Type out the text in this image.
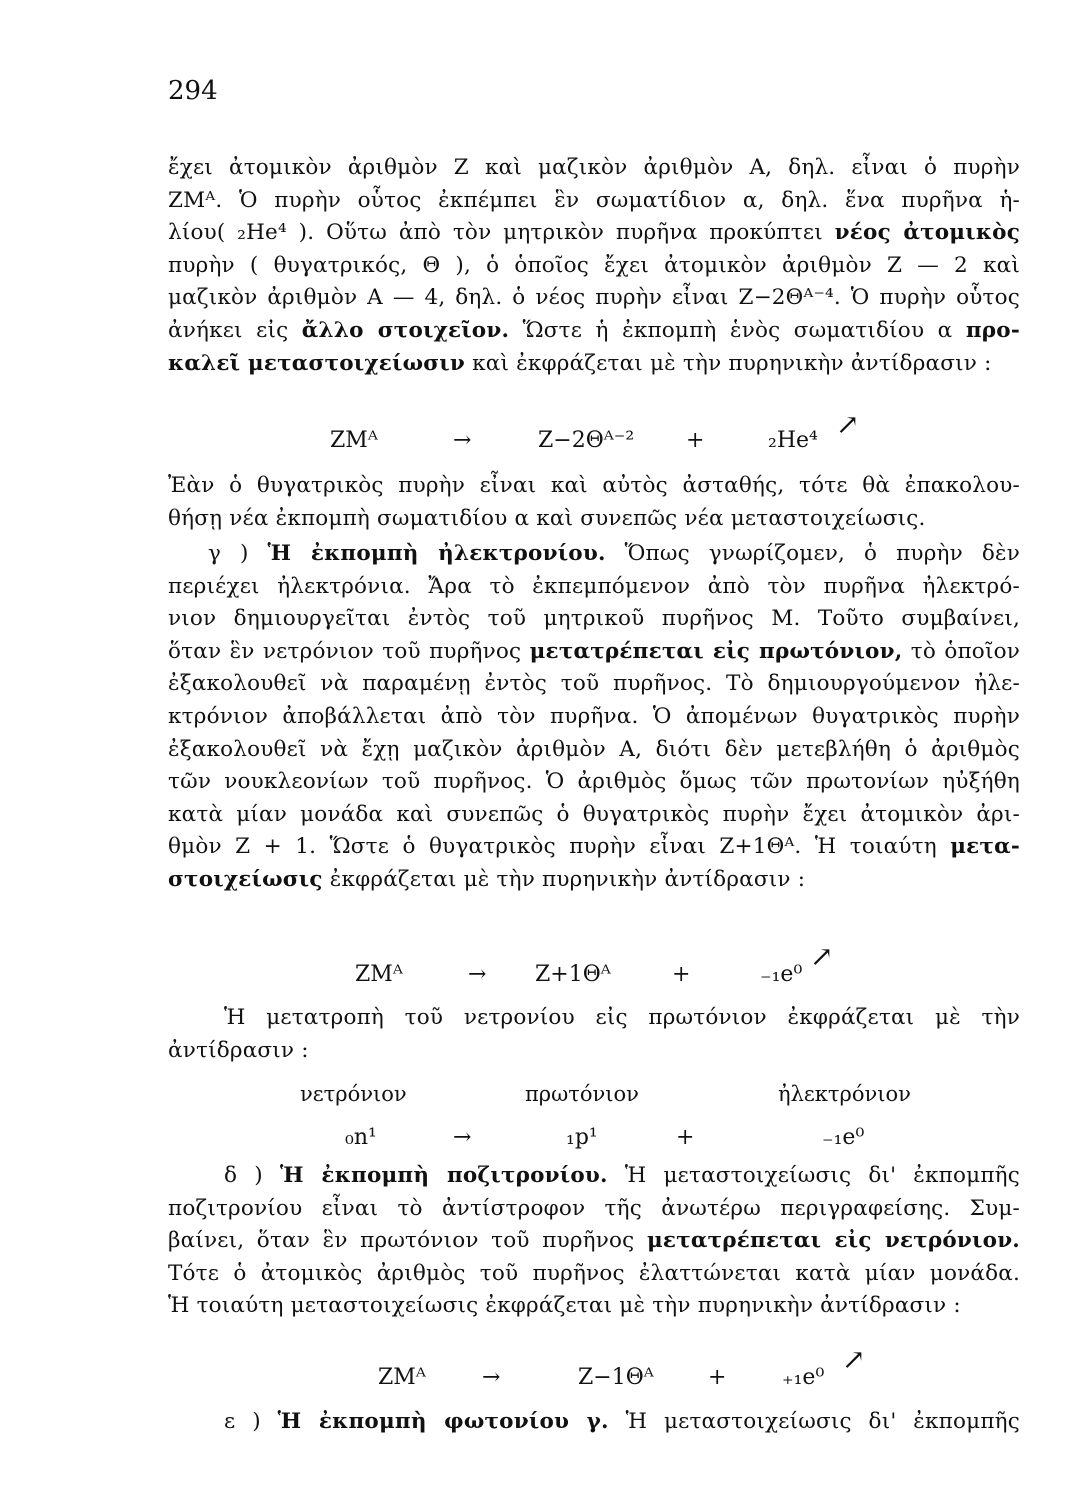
294
ἔχει ἀτομικὸν ἀριθμὸν Ζ καὶ μαζικὸν ἀριθμὸν Α, δηλ. εἶναι ὁ πυρὴν
ZMᴬ. Ὁ πυρὴν οὗτος ἐκπέμπει ἓν σωματίδιον α, δηλ. ἕνα πυρῆνα ἡ-
λίου( ₂He⁴ ). Οὕτω ἀπὸ τὸν μητρικὸν πυρῆνα προκύπτει νέος ἀτομικὸς
πυρὴν ( θυγατρικός, Θ ), ὁ ὁποῖος ἔχει ἀτομικὸν ἀριθμὸν Ζ — 2 καὶ
μαζικὸν ἀριθμὸν Α — 4, δηλ. ὁ νέος πυρὴν εἶναι Z−2Θᴬ⁻⁴. Ὁ πυρὴν οὗτος
ἀνήκει εἰς ἄλλο στοιχεῖον. Ὥστε ἡ ἐκπομπὴ ἑνὸς σωματιδίου α προ-
καλεῖ μεταστοιχείωσιν καὶ ἐκφράζεται μὲ τὴν πυρηνικὴν ἀντίδρασιν :
ZMᴬ	→	Z−2Θᴬ⁻² +	₂He⁴ ↗
Ἐὰν ὁ θυγατρικὸς πυρὴν εἶναι καὶ αὐτὸς ἀσταθής, τότε θὰ ἐπακολου-
θήσῃ νέα ἐκπομπὴ σωματιδίου α καὶ συνεπῶς νέα μεταστοιχείωσις.
γ ) Ἡ ἐκπομπὴ ἠλεκτρονίου. Ὅπως γνωρίζομεν, ὁ πυρὴν δὲν
περιέχει ἠλεκτρόνια. Ἄρα τὸ ἐκπεμπόμενον ἀπὸ τὸν πυρῆνα ἠλεκτρό-
νιον δημιουργεῖται ἐντὸς τοῦ μητρικοῦ πυρῆνος Μ. Τοῦτο συμβαίνει,
ὅταν ἓν νετρόνιον τοῦ πυρῆνος μετατρέπεται εἰς πρωτόνιον, τὸ ὁποῖον
ἐξακολουθεῖ νὰ παραμένῃ ἐντὸς τοῦ πυρῆνος. Τὸ δημιουργούμενον ἠλε-
κτρόνιον ἀποβάλλεται ἀπὸ τὸν πυρῆνα. Ὁ ἀπομένων θυγατρικὸς πυρὴν
ἐξακολουθεῖ νὰ ἔχῃ μαζικὸν ἀριθμὸν Α, διότι δὲν μετεβλήθη ὁ ἀριθμὸς
τῶν νουκλεονίων τοῦ πυρῆνος. Ὁ ἀριθμὸς ὅμως τῶν πρωτονίων ηὐξήθη
κατὰ μίαν μονάδα καὶ συνεπῶς ὁ θυγατρικὸς πυρὴν ἔχει ἀτομικὸν ἀρι-
θμὸν Ζ + 1. Ὥστε ὁ θυγατρικὸς πυρὴν εἶναι Z+1Θᴬ. Ἡ τοιαύτη μετα-
στοιχείωσις ἐκφράζεται μὲ τὴν πυρηνικὴν ἀντίδρασιν :
ZMᴬ	→ Z+1Θᴬ	+	₋₁e⁰
↗
Ἡ μετατροπὴ τοῦ νετρονίου εἰς πρωτόνιον ἐκφράζεται μὲ τὴν
ἀντίδρασιν :
νετρόνιον	πρωτόνιον	ἠλεκτρόνιον
₀n¹	→	₁p¹	+	₋₁e⁰
δ ) Ἡ ἐκπομπὴ ποζιτρονίου. Ἡ μεταστοιχείωσις δι' ἐκπομπῆς
ποζιτρονίου εἶναι τὸ ἀντίστροφον τῆς ἀνωτέρω περιγραφείσης. Συμ-
βαίνει, ὅταν ἓν πρωτόνιον τοῦ πυρῆνος μετατρέπεται εἰς νετρόνιον.
Τότε ὁ ἀτομικὸς ἀριθμὸς τοῦ πυρῆνος ἐλαττώνεται κατὰ μίαν μονάδα.
Ἡ τοιαύτη μεταστοιχείωσις ἐκφράζεται μὲ τὴν πυρηνικὴν ἀντίδρασιν :
ZMᴬ	→	Z−1Θᴬ +	₊₁e⁰
↗
ε ) Ἡ ἐκπομπὴ φωτονίου γ. Ἡ μεταστοιχείωσις δι' ἐκπομπῆς
